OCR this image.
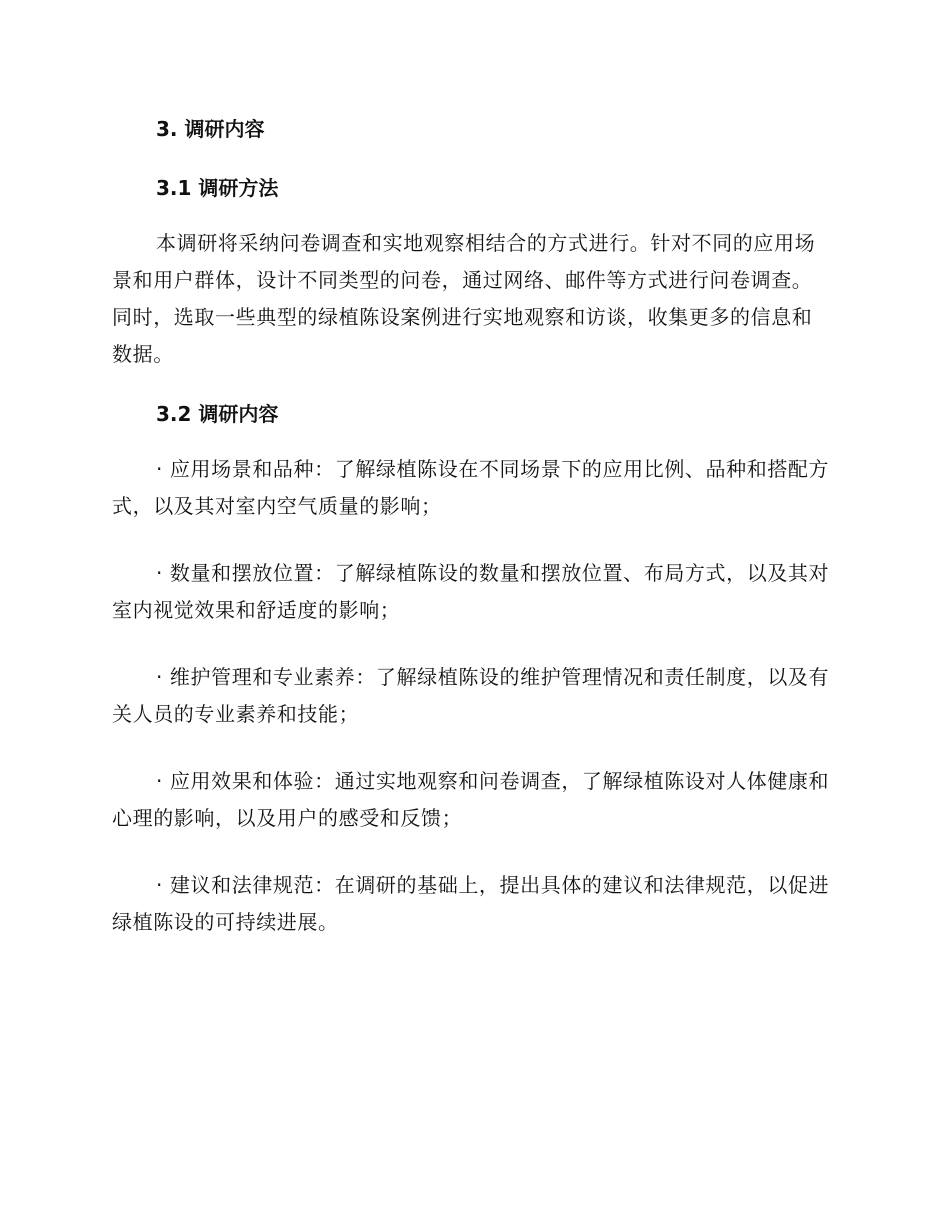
3. 调研内容
3.1 调研方法

本调研将采纳问卷调查和实地观察相结合的方式进行。针对不同的应用场景和用户群体，设计不同类型的问卷，通过网络、邮件等方式进行问卷调查。同时，选取一些典型的绿植陈设案例进行实地观察和访谈，收集更多的信息和数据。

3.2 调研内容

· 应用场景和品种：了解绿植陈设在不同场景下的应用比例、品种和搭配方式，以及其对室内空气质量的影响；

· 数量和摆放位置：了解绿植陈设的数量和摆放位置、布局方式，以及其对室内视觉效果和舒适度的影响；

· 维护管理和专业素养：了解绿植陈设的维护管理情况和责任制度，以及有关人员的专业素养和技能；

· 应用效果和体验：通过实地观察和问卷调查，了解绿植陈设对人体健康和心理的影响，以及用户的感受和反馈；

· 建议和法律规范：在调研的基础上，提出具体的建议和法律规范，以促进绿植陈设的可持续进展。
